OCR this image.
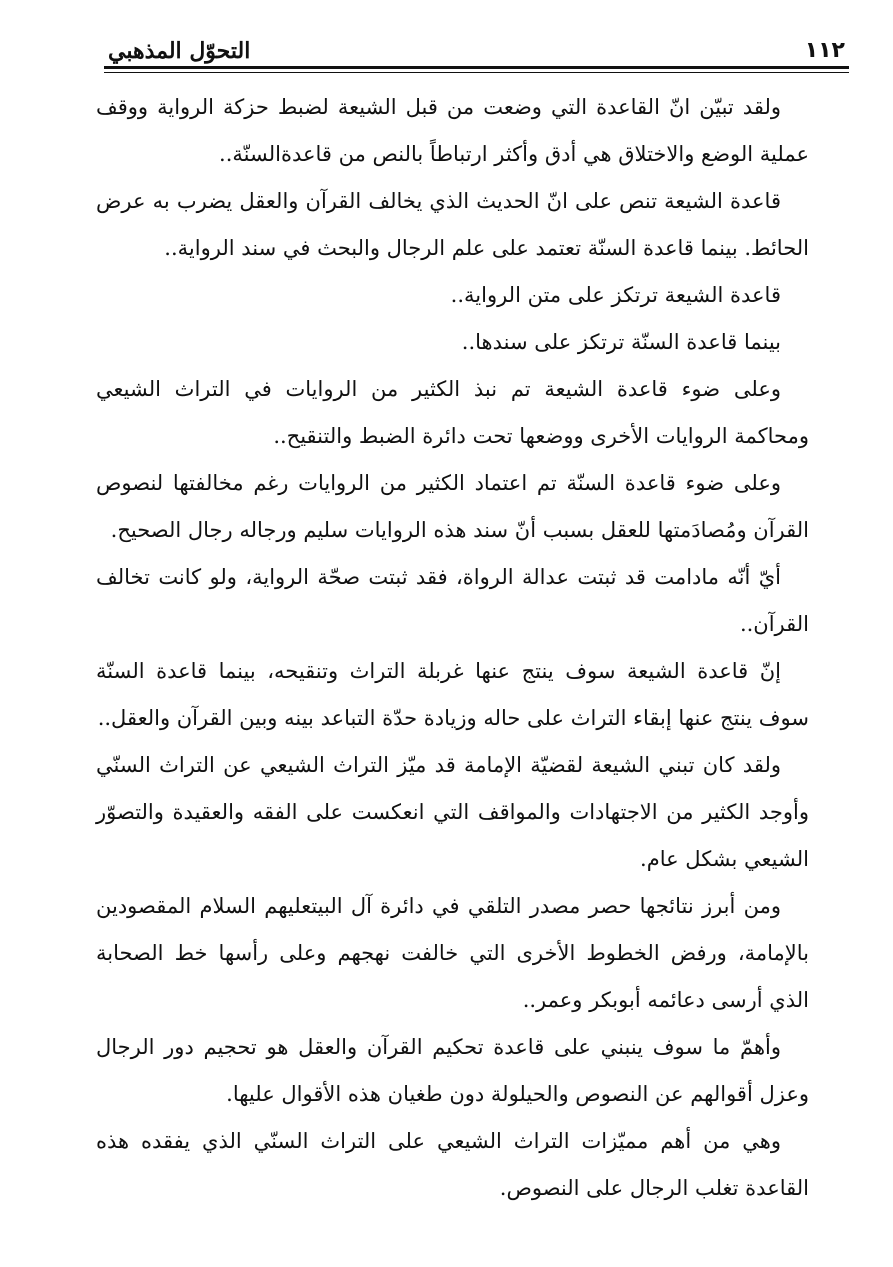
١١٢
التحوّل المذهبي

ولقد تبيّن انّ القاعدة التي وضعت من قبل الشيعة لضبط حزكة الرواية ووقف عملية الوضع والاختلاق هي أدق وأكثر ارتباطاً بالنص من قاعدةالسنّة..

قاعدة الشيعة تنص على انّ الحديث الذي يخالف القرآن والعقل يضرب به عرض الحائط. بينما قاعدة السنّة تعتمد على علم الرجال والبحث في سند الرواية..

قاعدة الشيعة ترتكز على متن الرواية..

بينما قاعدة السنّة ترتكز على سندها..

وعلى ضوء قاعدة الشيعة تم نبذ الكثير من الروايات في التراث الشيعي ومحاكمة الروايات الأخرى ووضعها تحت دائرة الضبط والتنقيح..

وعلى ضوء قاعدة السنّة تم اعتماد الكثير من الروايات رغم مخالفتها لنصوص القرآن ومُصادَمتها للعقل بسبب أنّ سند هذه الروايات سليم ورجاله رجال الصحيح.

أيّ أنّه مادامت قد ثبتت عدالة الرواة، فقد ثبتت صحّة الرواية، ولو كانت تخالف القرآن..

إنّ قاعدة الشيعة سوف ينتج عنها غربلة التراث وتنقيحه، بينما قاعدة السنّة سوف ينتج عنها إبقاء التراث على حاله وزيادة حدّة التباعد بينه وبين القرآن والعقل..

ولقد كان تبني الشيعة لقضيّة الإمامة قد ميّز التراث الشيعي عن التراث السنّي وأوجد الكثير من الاجتهادات والمواقف التي انعكست على الفقه والعقيدة والتصوّر الشيعي بشكل عام.

ومن أبرز نتائجها حصر مصدر التلقي في دائرة آل البيتعليهم السلام المقصودين بالإمامة، ورفض الخطوط الأخرى التي خالفت نهجهم وعلى رأسها خط الصحابة الذي أرسى دعائمه أبوبكر وعمر..

وأهمّ ما سوف ينبني على قاعدة تحكيم القرآن والعقل هو تحجيم دور الرجال وعزل أقوالهم عن النصوص والحيلولة دون طغيان هذه الأقوال عليها.

وهي من أهم مميّزات التراث الشيعي على التراث السنّي الذي يفقده هذه القاعدة تغلب الرجال على النصوص.
